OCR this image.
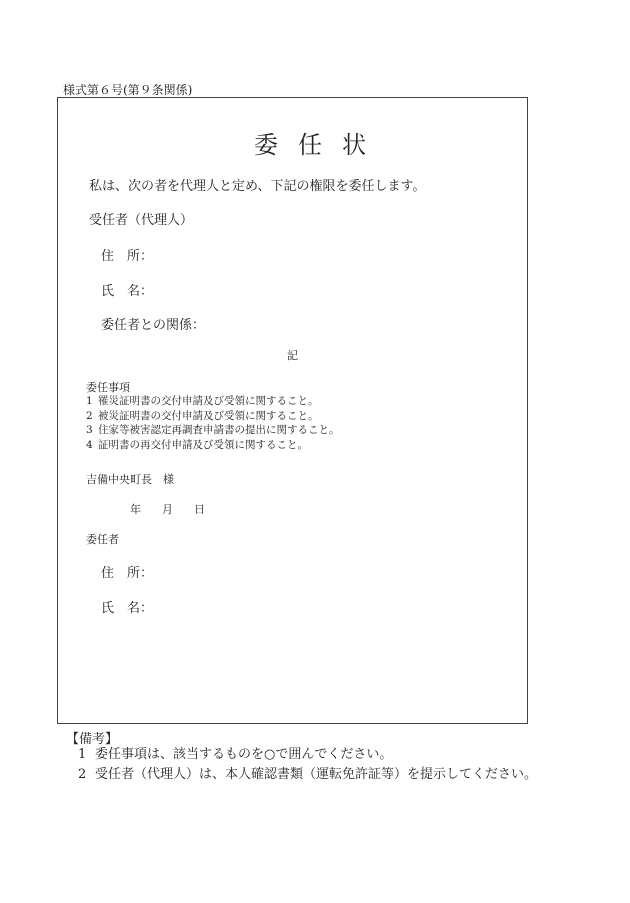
様式第６号(第９条関係)
委任状
私は、次の者を代理人と定め、下記の権限を委任します。
受任者（代理人）
住　所：
氏　名：
委任者との関係：
記
委任事項
1 罹災証明書の交付申請及び受領に関すること。
2 被災証明書の交付申請及び受領に関すること。
3 住家等被害認定再調査申請書の提出に関すること。
4 証明書の再交付申請及び受領に関すること。
吉備中央町長　様
年 月 日
委任者
住　所：
氏　名：
【備考】
1 委任事項は、該当するものを○で囲んでください。
2 受任者（代理人）は、本人確認書類（運転免許証等）を提示してください。
